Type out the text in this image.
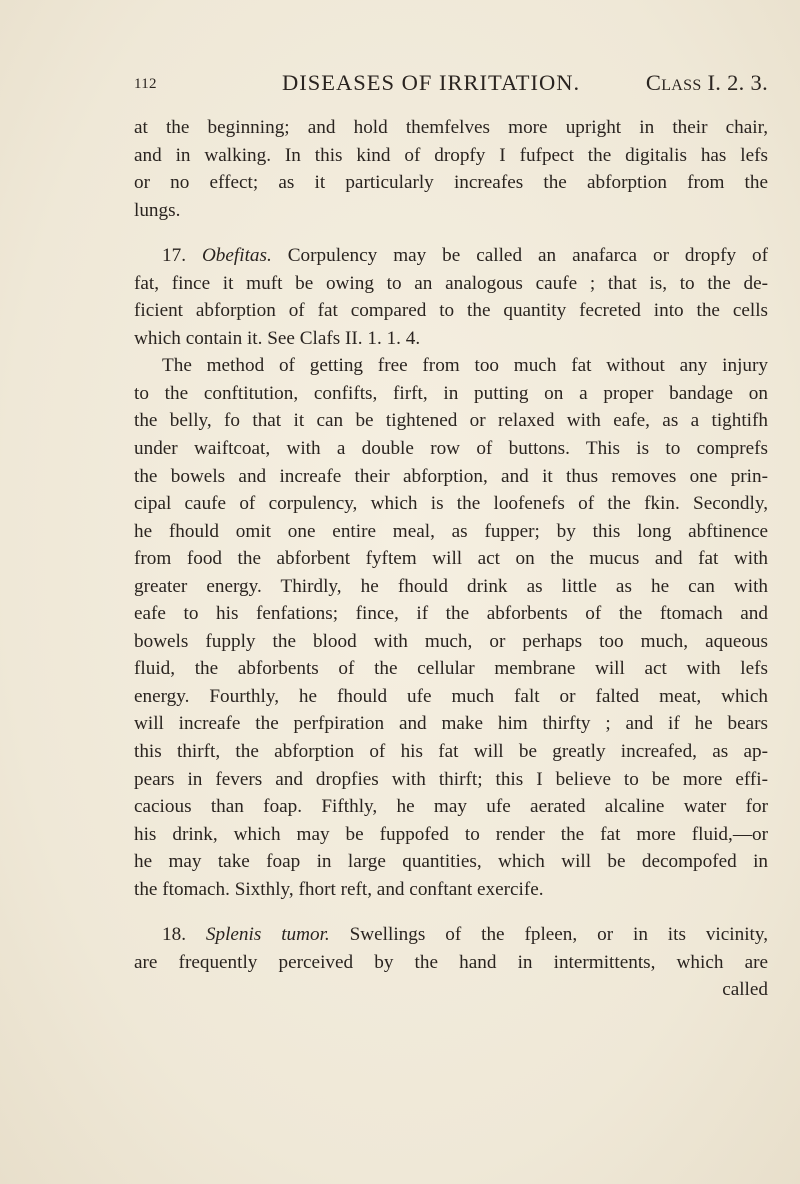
112	DISEASES OF IRRITATION.	Class I. 2. 3.

at the beginning; and hold themfelves more upright in their chair,
and in walking. In this kind of dropfy I fufpect the digitalis has lefs
or no effect; as it particularly increafes the abforption from the
lungs.

17. Obefitas. Corpulency may be called an anafarca or dropfy of
fat, fince it muft be owing to an analogous caufe ; that is, to the de-
ficient abforption of fat compared to the quantity fecreted into the cells
which contain it. See Clafs II. 1. 1. 4.

The method of getting free from too much fat without any injury
to the conftitution, confifts, firft, in putting on a proper bandage on
the belly, fo that it can be tightened or relaxed with eafe, as a tightifh
under waiftcoat, with a double row of buttons. This is to comprefs
the bowels and increafe their abforption, and it thus removes one prin-
cipal caufe of corpulency, which is the loofenefs of the fkin. Secondly,
he fhould omit one entire meal, as fupper; by this long abftinence
from food the abforbent fyftem will act on the mucus and fat with
greater energy. Thirdly, he fhould drink as little as he can with
eafe to his fenfations; fince, if the abforbents of the ftomach and
bowels fupply the blood with much, or perhaps too much, aqueous
fluid, the abforbents of the cellular membrane will act with lefs
energy. Fourthly, he fhould ufe much falt or falted meat, which
will increafe the perfpiration and make him thirfty ; and if he bears
this thirft, the abforption of his fat will be greatly increafed, as ap-
pears in fevers and dropfies with thirft; this I believe to be more effi-
cacious than foap. Fifthly, he may ufe aerated alcaline water for
his drink, which may be fuppofed to render the fat more fluid,—or
he may take foap in large quantities, which will be decompofed in
the ftomach. Sixthly, fhort reft, and conftant exercife.

18. Splenis tumor. Swellings of the fpleen, or in its vicinity,
are frequently perceived by the hand in intermittents, which are
called
